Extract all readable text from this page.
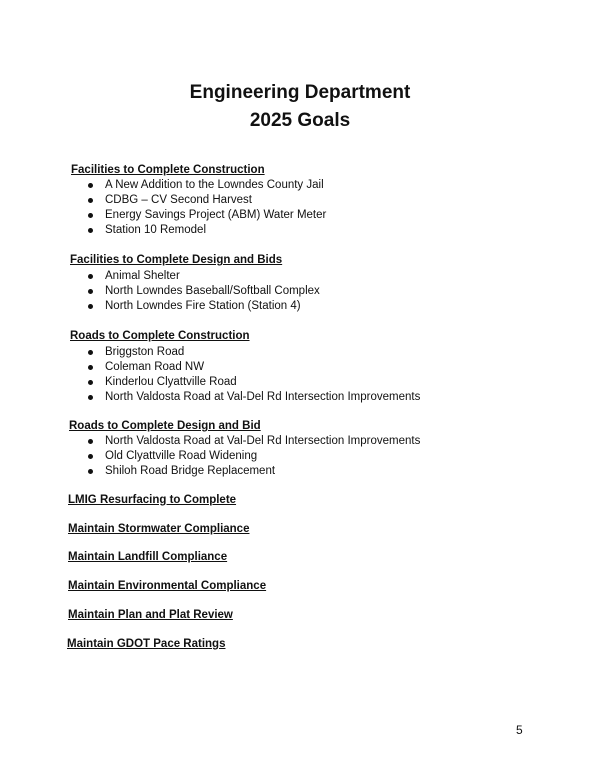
Engineering Department
2025 Goals
Facilities to Complete Construction
A New Addition to the Lowndes County Jail
CDBG – CV Second Harvest
Energy Savings Project (ABM) Water Meter
Station 10 Remodel
Facilities to Complete Design and Bids
Animal Shelter
North Lowndes Baseball/Softball Complex
North Lowndes Fire Station (Station 4)
Roads to Complete Construction
Briggston Road
Coleman Road NW
Kinderlou Clyattville Road
North Valdosta Road at Val-Del Rd Intersection Improvements
Roads to Complete Design and Bid
North Valdosta Road at Val-Del Rd Intersection Improvements
Old Clyattville Road Widening
Shiloh Road Bridge Replacement
LMIG Resurfacing to Complete
Maintain Stormwater Compliance
Maintain Landfill Compliance
Maintain Environmental Compliance
Maintain Plan and Plat Review
Maintain GDOT Pace Ratings
5
